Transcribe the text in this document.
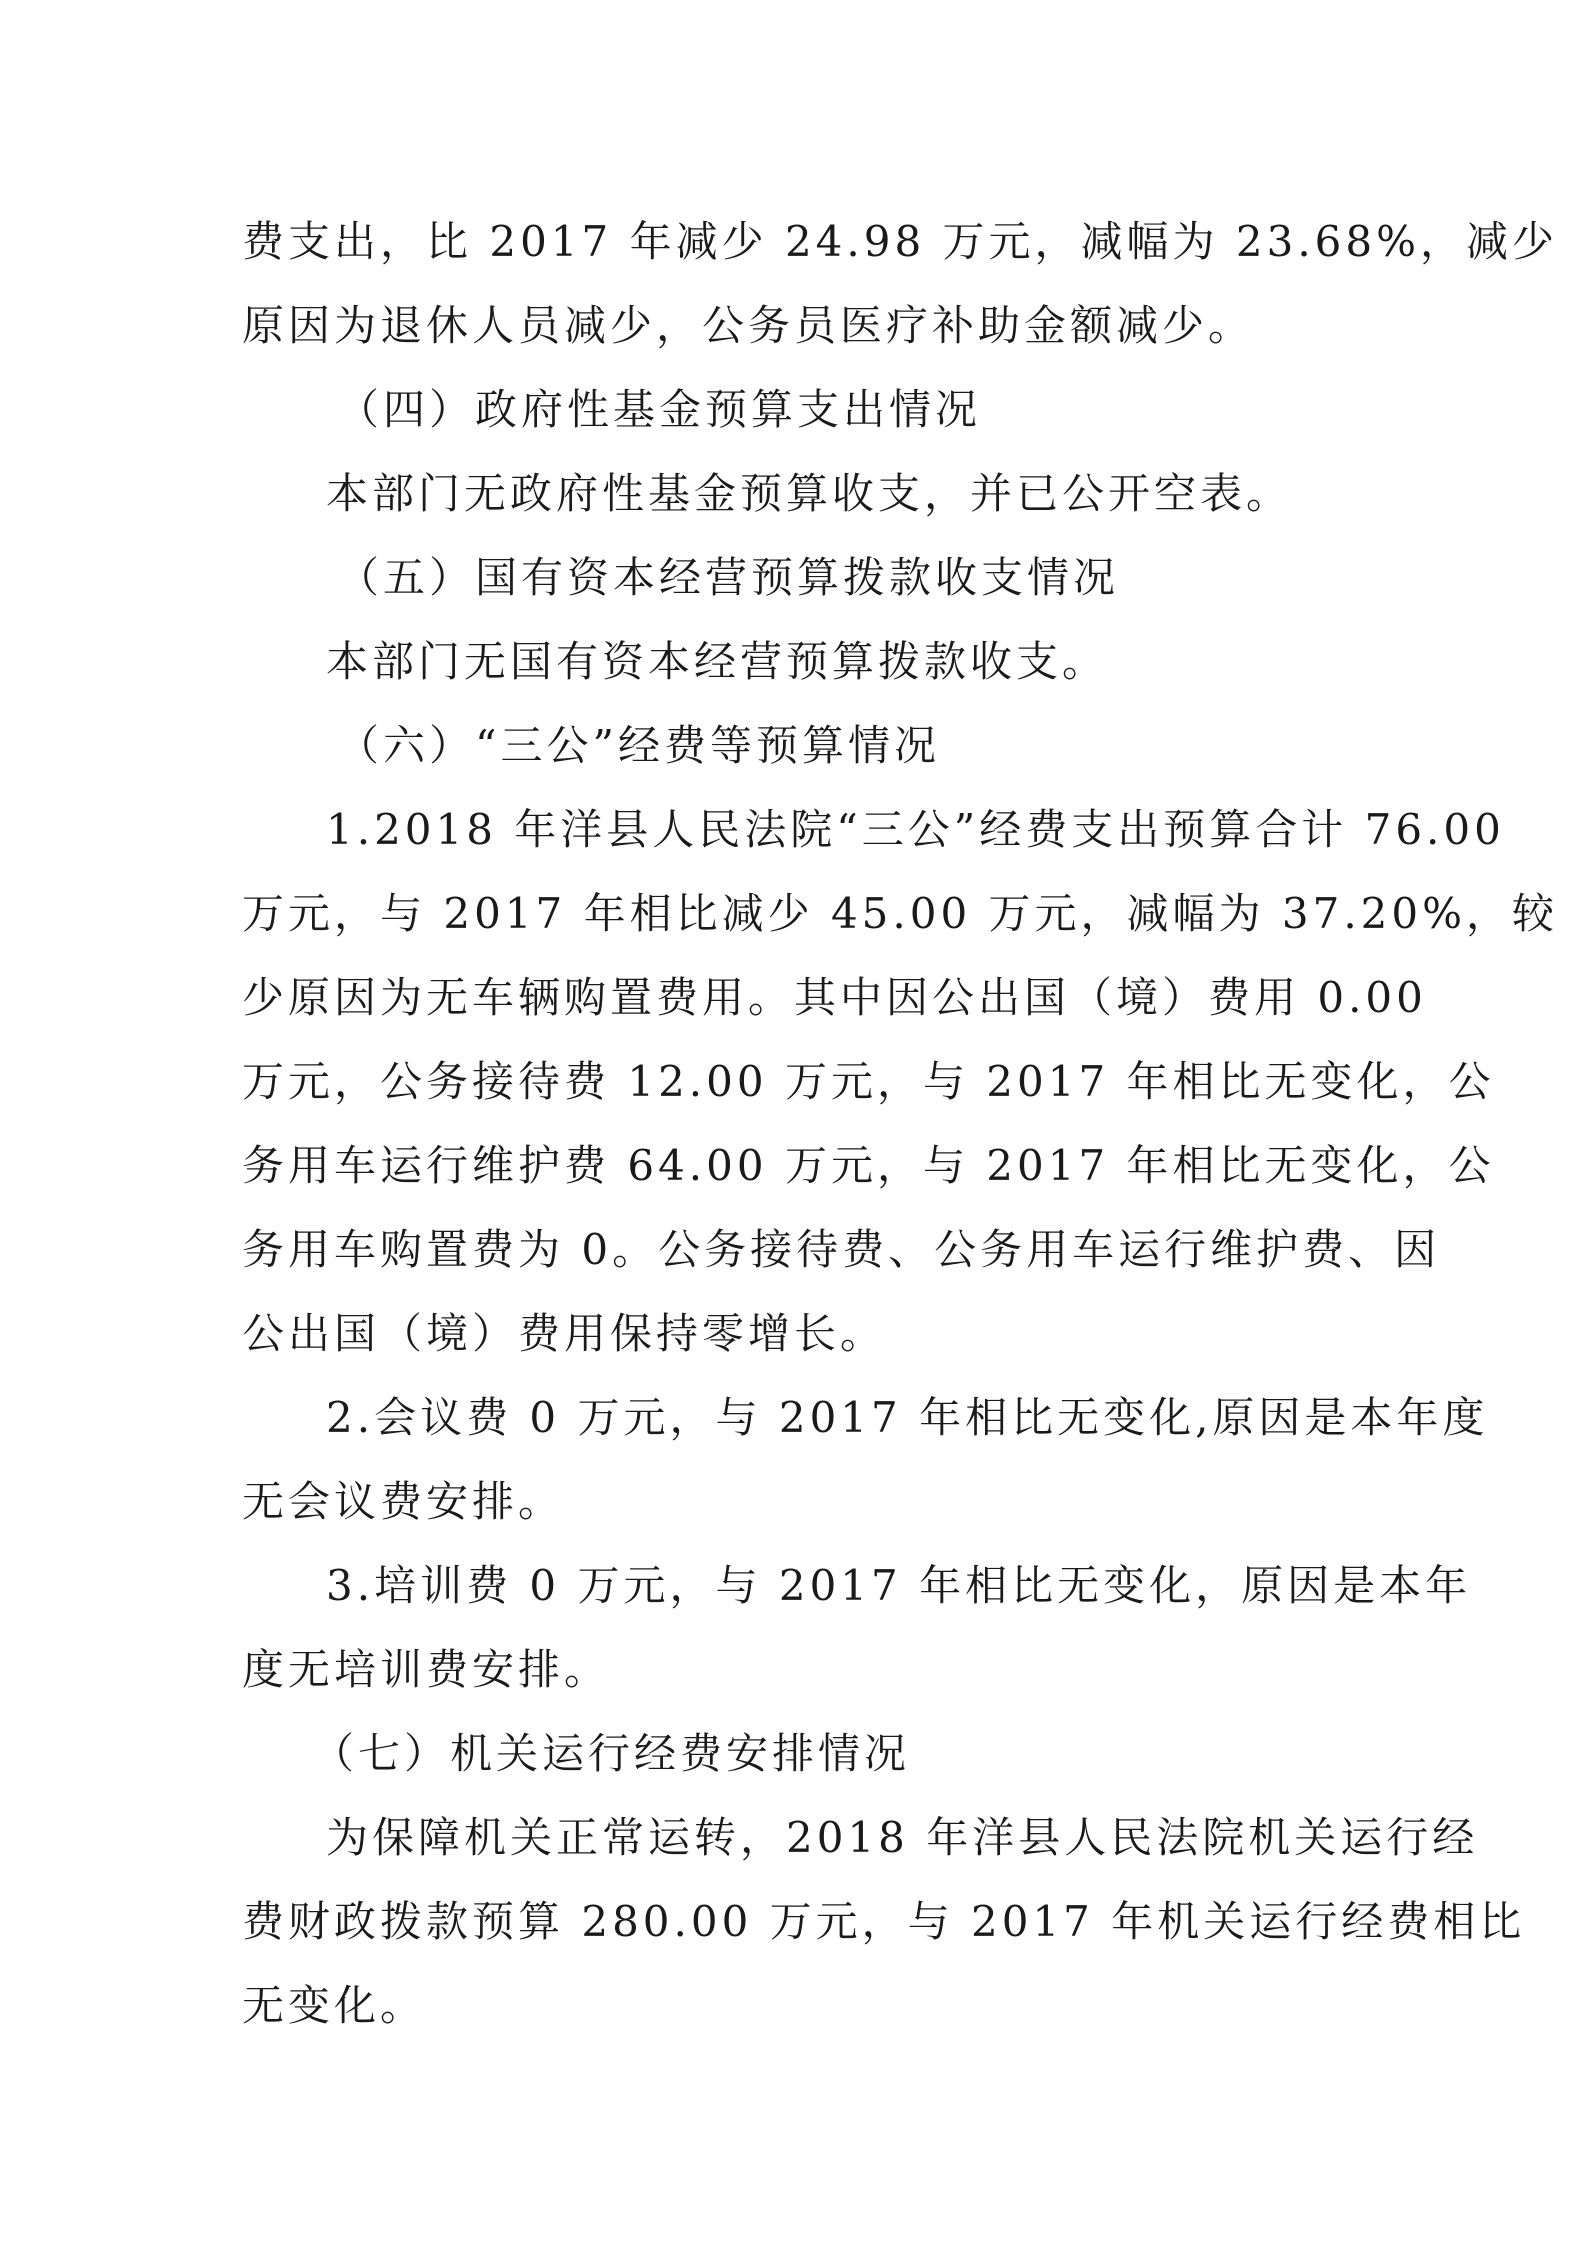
费支出，比 2017 年减少 24.98 万元，减幅为 23.68%，减少
原因为退休人员减少，公务员医疗补助金额减少。

（四）政府性基金预算支出情况

本部门无政府性基金预算收支，并已公开空表。

（五）国有资本经营预算拨款收支情况

本部门无国有资本经营预算拨款收支。

（六）“三公”经费等预算情况

1.2018 年洋县人民法院“三公”经费支出预算合计 76.00
万元，与 2017 年相比减少 45.00 万元，减幅为 37.20%，较
少原因为无车辆购置费用。其中因公出国（境）费用 0.00
万元，公务接待费 12.00 万元，与 2017 年相比无变化，公
务用车运行维护费 64.00 万元，与 2017 年相比无变化，公
务用车购置费为 0。公务接待费、公务用车运行维护费、因
公出国（境）费用保持零增长。

2.会议费 0 万元，与 2017 年相比无变化,原因是本年度
无会议费安排。

3.培训费 0 万元，与 2017 年相比无变化，原因是本年
度无培训费安排。

（七）机关运行经费安排情况

为保障机关正常运转，2018 年洋县人民法院机关运行经
费财政拨款预算 280.00 万元，与 2017 年机关运行经费相比
无变化。
